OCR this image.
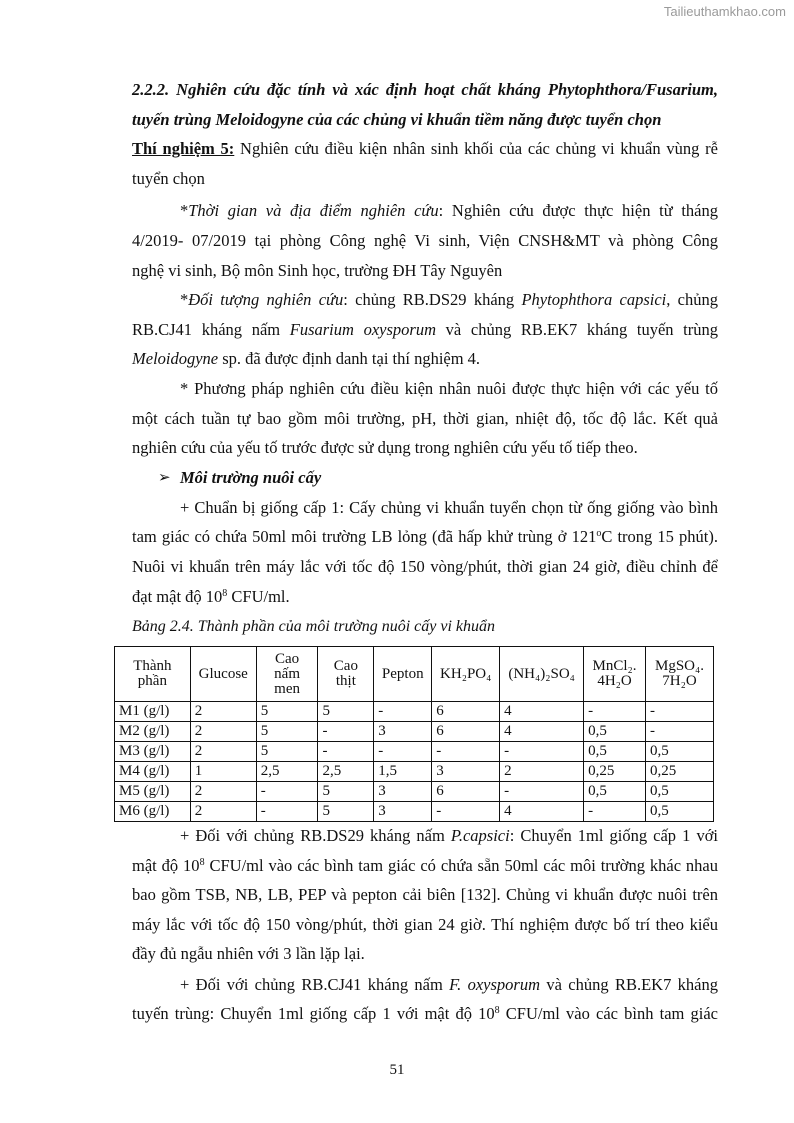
Tailieuthamkhao.com
2.2.2. Nghiên cứu đặc tính và xác định hoạt chất kháng Phytophthora/Fusarium,
tuyến trùng Meloidogyne của các chủng vi khuẩn tiềm năng được tuyển chọn
Thí nghiệm 5: Nghiên cứu điều kiện nhân sinh khối của các chủng vi khuẩn vùng rễ
tuyển chọn
*Thời gian và địa điểm nghiên cứu: Nghiên cứu được thực hiện từ tháng
4/2019- 07/2019 tại phòng Công nghệ Vi sinh, Viện CNSH&MT và phòng Công
nghệ vi sinh, Bộ môn Sinh học, trường ĐH Tây Nguyên
*Đối tượng nghiên cứu: chủng RB.DS29 kháng Phytophthora capsici, chủng
RB.CJ41 kháng nấm Fusarium oxysporum và chủng RB.EK7 kháng tuyến trùng
Meloidogyne sp. đã được định danh tại thí nghiệm 4.
* Phương pháp nghiên cứu điều kiện nhân nuôi được thực hiện với các yếu tố
một cách tuần tự bao gồm môi trường, pH, thời gian, nhiệt độ, tốc độ lắc. Kết quả
nghiên cứu của yếu tố trước được sử dụng trong nghiên cứu yếu tố tiếp theo.
➢ Môi trường nuôi cấy
+ Chuẩn bị giống cấp 1: Cấy chủng vi khuẩn tuyển chọn từ ống giống vào bình
tam giác có chứa 50ml môi trường LB lỏng (đã hấp khử trùng ở 121$^o$C trong 15 phút).
Nuôi vi khuẩn trên máy lắc với tốc độ 150 vòng/phút, thời gian 24 giờ, điều chỉnh để
đạt mật độ $10^8$ CFU/ml.
Bảng 2.4. Thành phần của môi trường nuôi cấy vi khuẩn
Thành phần	Glucose	Cao nấm men	Cao thịt	Pepton	KH₂PO₄	(NH₄)₂SO₄	MnCl₂. 4H₂O	MgSO₄. 7H₂O
M1 (g/l)	2	5	5	-	6	4	-	-
M2 (g/l)	2	5	-	3	6	4	0,5	-
M3 (g/l)	2	5	-	-	-	-	0,5	0,5
M4 (g/l)	1	2,5	2,5	1,5	3	2	0,25	0,25
M5 (g/l)	2	-	5	3	6	-	0,5	0,5
M6 (g/l)	2	-	5	3	-	4	-	0,5
+ Đối với chủng RB.DS29 kháng nấm P.capsici: Chuyển 1ml giống cấp 1 với
mật độ $10^8$ CFU/ml vào các bình tam giác có chứa sẵn 50ml các môi trường khác nhau
bao gồm TSB, NB, LB, PEP và pepton cải biên [132]. Chủng vi khuẩn được nuôi trên
máy lắc với tốc độ 150 vòng/phút, thời gian 24 giờ. Thí nghiệm được bố trí theo kiểu
đầy đủ ngẫu nhiên với 3 lần lặp lại.
+ Đối với chủng RB.CJ41 kháng nấm F. oxysporum và chủng RB.EK7 kháng
tuyến trùng: Chuyển 1ml giống cấp 1 với mật độ $10^8$ CFU/ml vào các bình tam giác
51
